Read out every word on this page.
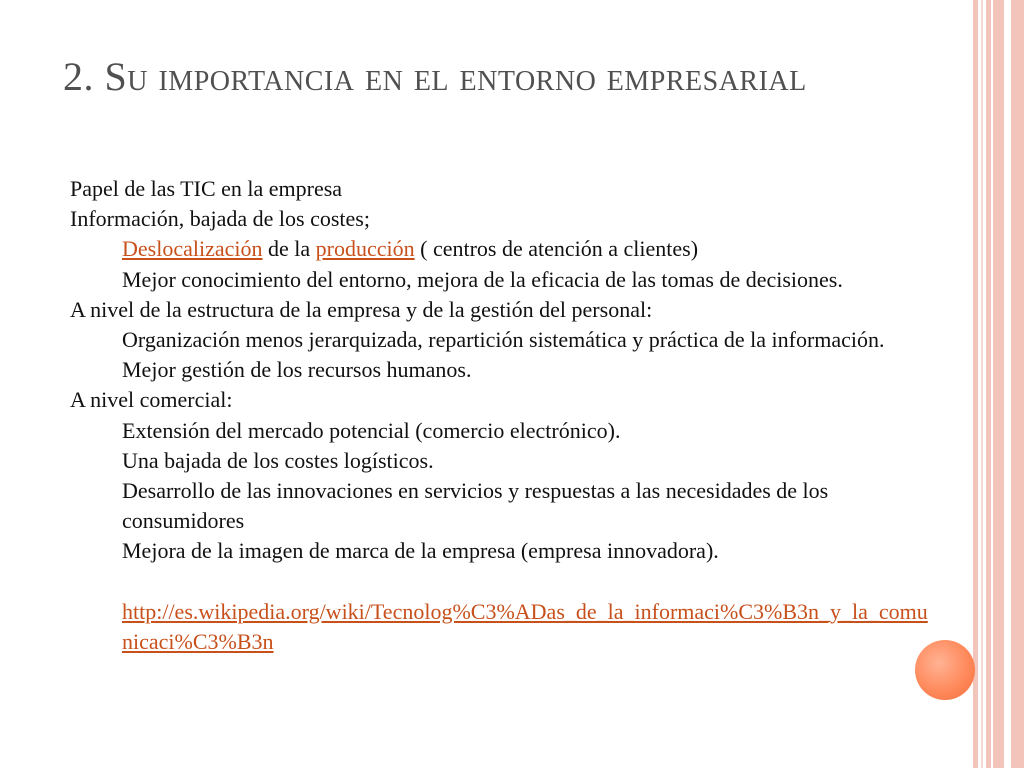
2. Su importancia en el entorno empresarial
Papel de las TIC en la empresa
Información, bajada de los costes;
Deslocalización de la producción ( centros de atención a clientes)
Mejor conocimiento del entorno, mejora de la eficacia de las tomas de decisiones.
A nivel de la estructura de la empresa y de la gestión del personal:
Organización menos jerarquizada, repartición sistemática y práctica de la información.
Mejor gestión de los recursos humanos.
A nivel comercial:
Extensión del mercado potencial (comercio electrónico).
Una bajada de los costes logísticos.
Desarrollo de las innovaciones en servicios y respuestas a las necesidades de los consumidores
Mejora de la imagen de marca de la empresa (empresa innovadora).
http://es.wikipedia.org/wiki/Tecnolog%C3%ADas_de_la_informaci%C3%B3n_y_la_comunicaci%C3%B3n
